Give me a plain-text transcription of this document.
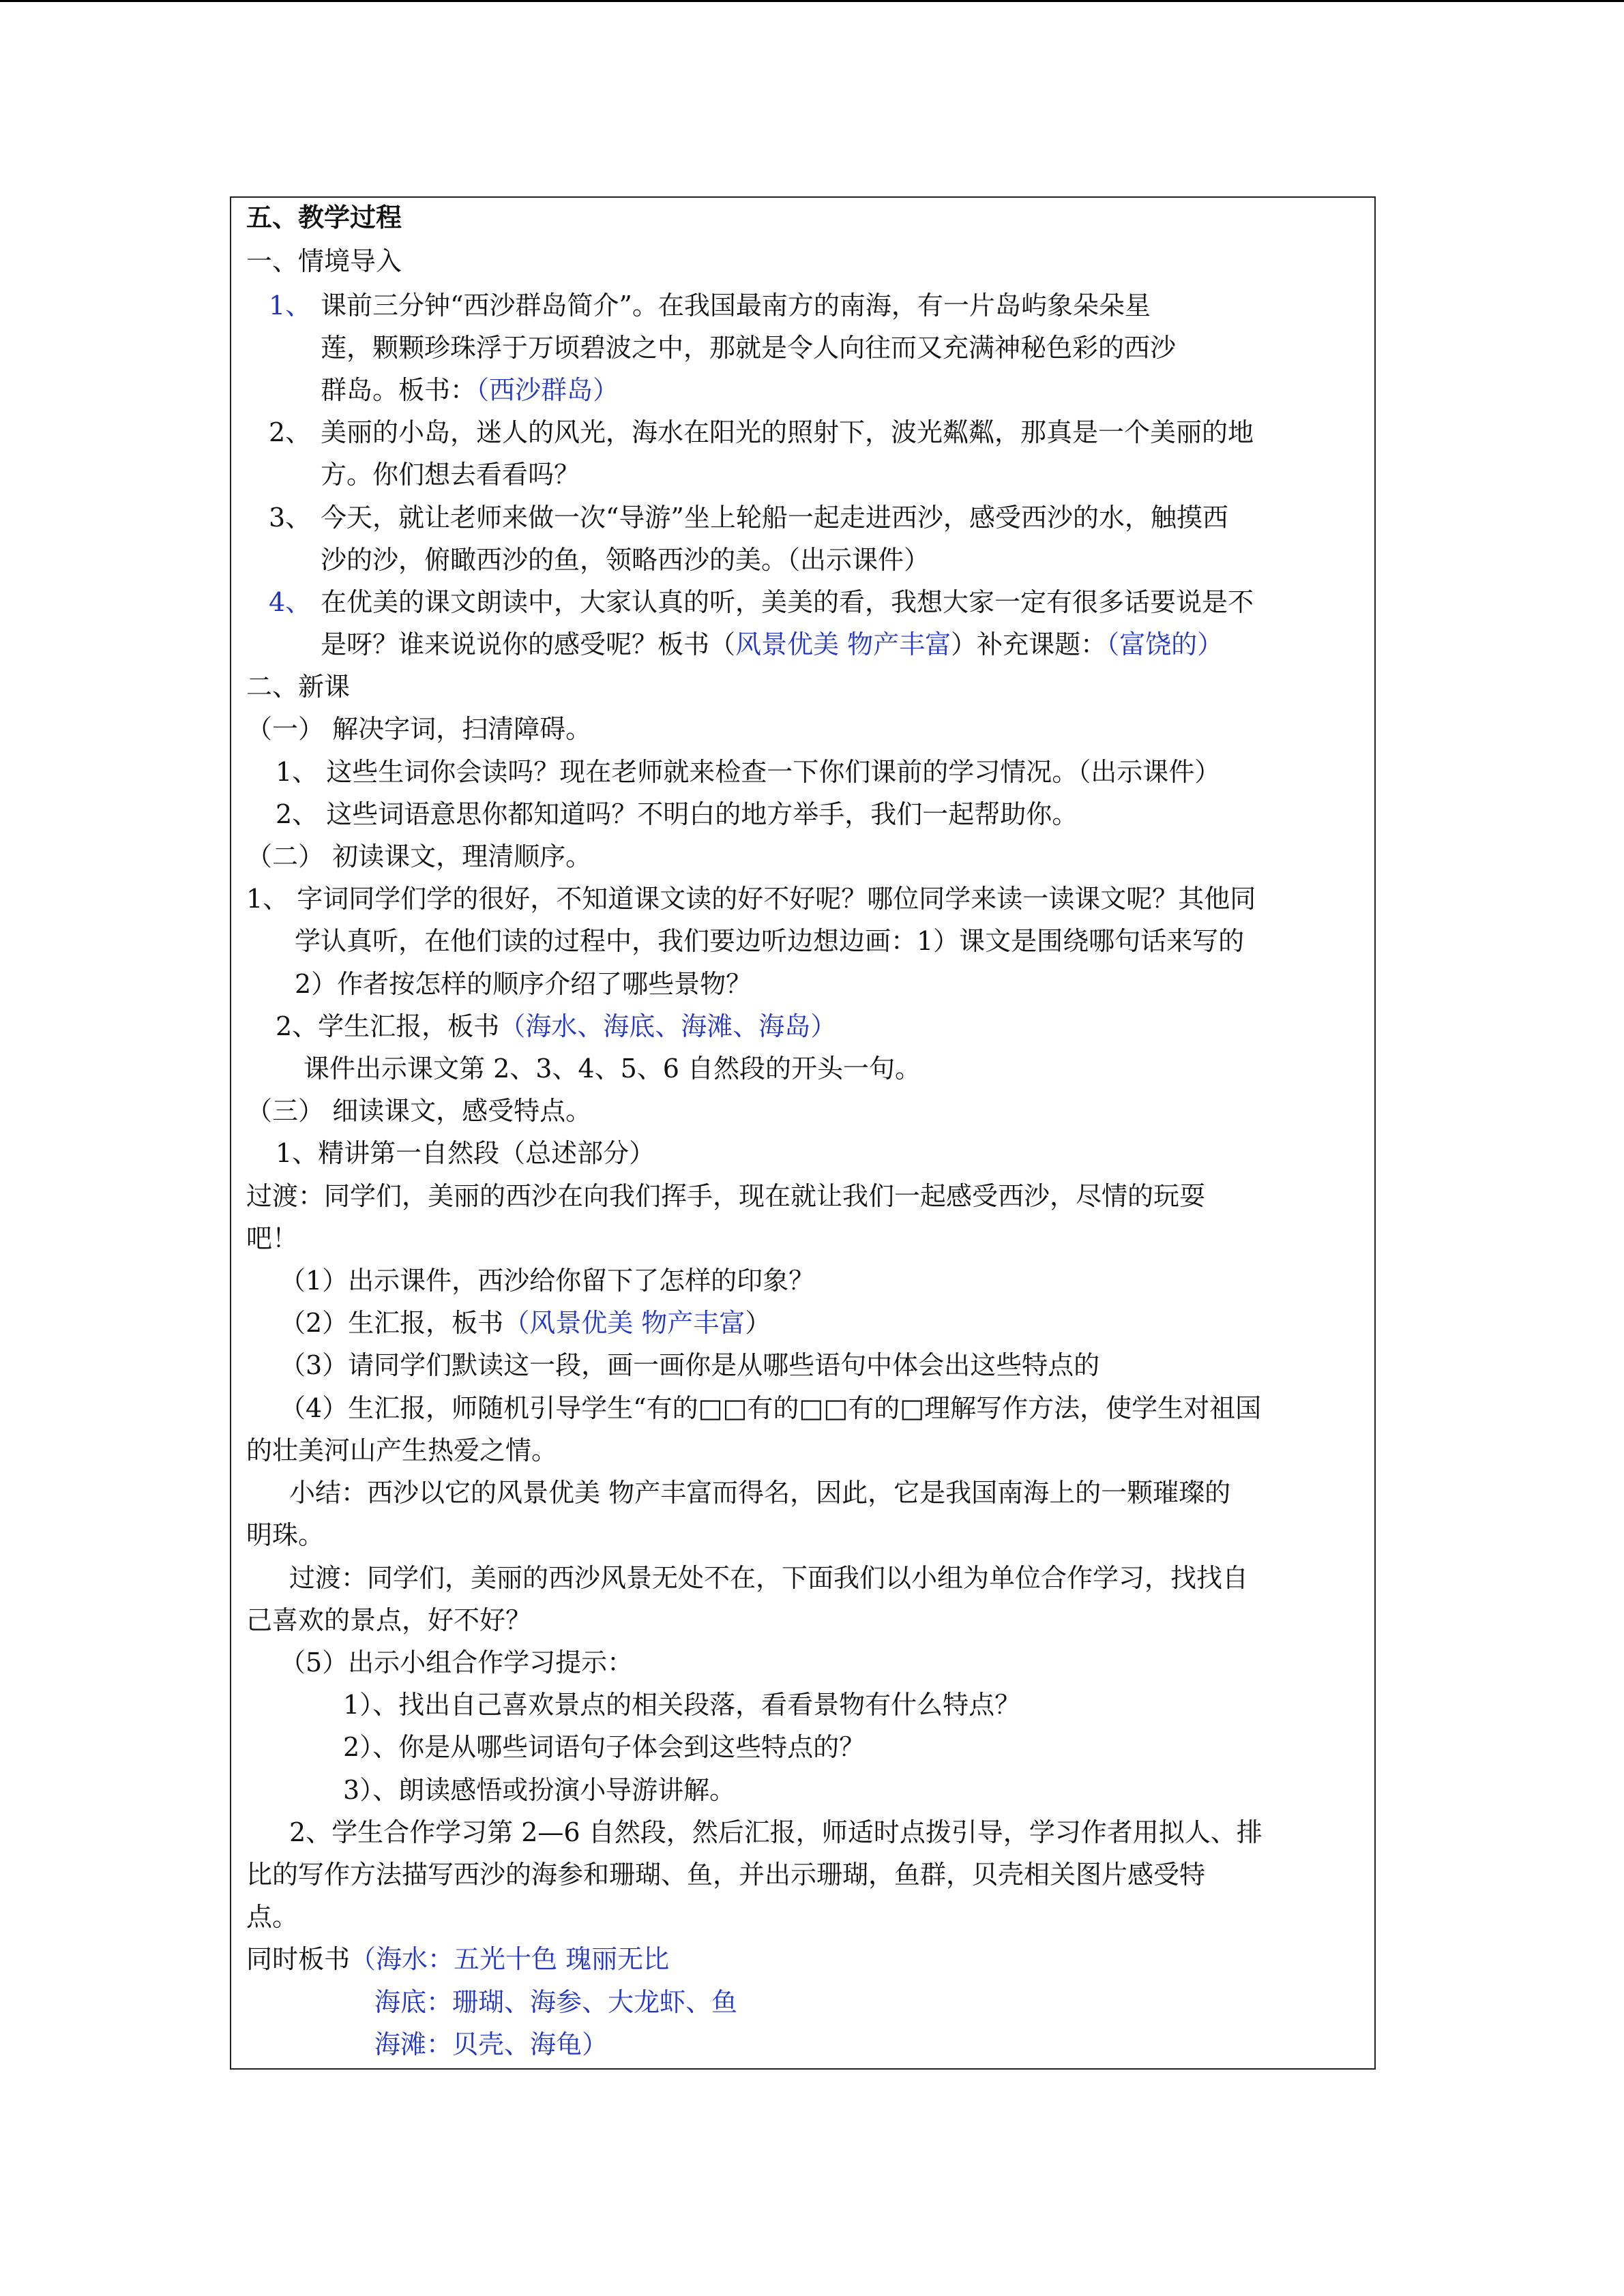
五、教学过程
一、情境导入
1、 课前三分钟“西沙群岛简介”。在我国最南方的南海，有一片岛屿象朵朵星
莲，颗颗珍珠浮于万顷碧波之中，那就是令人向往而又充满神秘色彩的西沙
群岛。板书：（西沙群岛）
2、 美丽的小岛，迷人的风光，海水在阳光的照射下，波光粼粼，那真是一个美丽的地
方。你们想去看看吗？
3、 今天，就让老师来做一次“导游”坐上轮船一起走进西沙，感受西沙的水，触摸西
沙的沙，俯瞰西沙的鱼，领略西沙的美。（出示课件）
4、 在优美的课文朗读中，大家认真的听，美美的看，我想大家一定有很多话要说是不
是呀？谁来说说你的感受呢？板书（风景优美 物产丰富）补充课题：（富饶的）
二、新课
（一） 解决字词，扫清障碍。
1、 这些生词你会读吗？现在老师就来检查一下你们课前的学习情况。（出示课件）
2、 这些词语意思你都知道吗？不明白的地方举手，我们一起帮助你。
（二） 初读课文，理清顺序。
1、 字词同学们学的很好，不知道课文读的好不好呢？哪位同学来读一读课文呢？其他同
学认真听，在他们读的过程中，我们要边听边想边画：1）课文是围绕哪句话来写的
2）作者按怎样的顺序介绍了哪些景物？
2、学生汇报，板书（海水、海底、海滩、海岛）
课件出示课文第 2、3、4、5、6 自然段的开头一句。
（三） 细读课文，感受特点。
1、精讲第一自然段（总述部分）
过渡：同学们，美丽的西沙在向我们挥手，现在就让我们一起感受西沙，尽情的玩耍
吧！
（1）出示课件，西沙给你留下了怎样的印象？
（2）生汇报，板书（风景优美 物产丰富）
（3）请同学们默读这一段，画一画你是从哪些语句中体会出这些特点的
（4）生汇报，师随机引导学生“有的□□有的□□有的□理解写作方法，使学生对祖国
的壮美河山产生热爱之情。
小结：西沙以它的风景优美 物产丰富而得名，因此，它是我国南海上的一颗璀璨的
明珠。
过渡：同学们，美丽的西沙风景无处不在，下面我们以小组为单位合作学习，找找自
己喜欢的景点，好不好？
（5）出示小组合作学习提示：
1）、找出自己喜欢景点的相关段落，看看景物有什么特点？
2）、你是从哪些词语句子体会到这些特点的？
3）、朗读感悟或扮演小导游讲解。
2、学生合作学习第 2—6 自然段，然后汇报，师适时点拨引导，学习作者用拟人、排
比的写作方法描写西沙的海参和珊瑚、鱼，并出示珊瑚，鱼群，贝壳相关图片感受特
点。
同时板书（海水：五光十色 瑰丽无比
海底：珊瑚、海参、大龙虾、鱼
海滩：贝壳、海龟）
